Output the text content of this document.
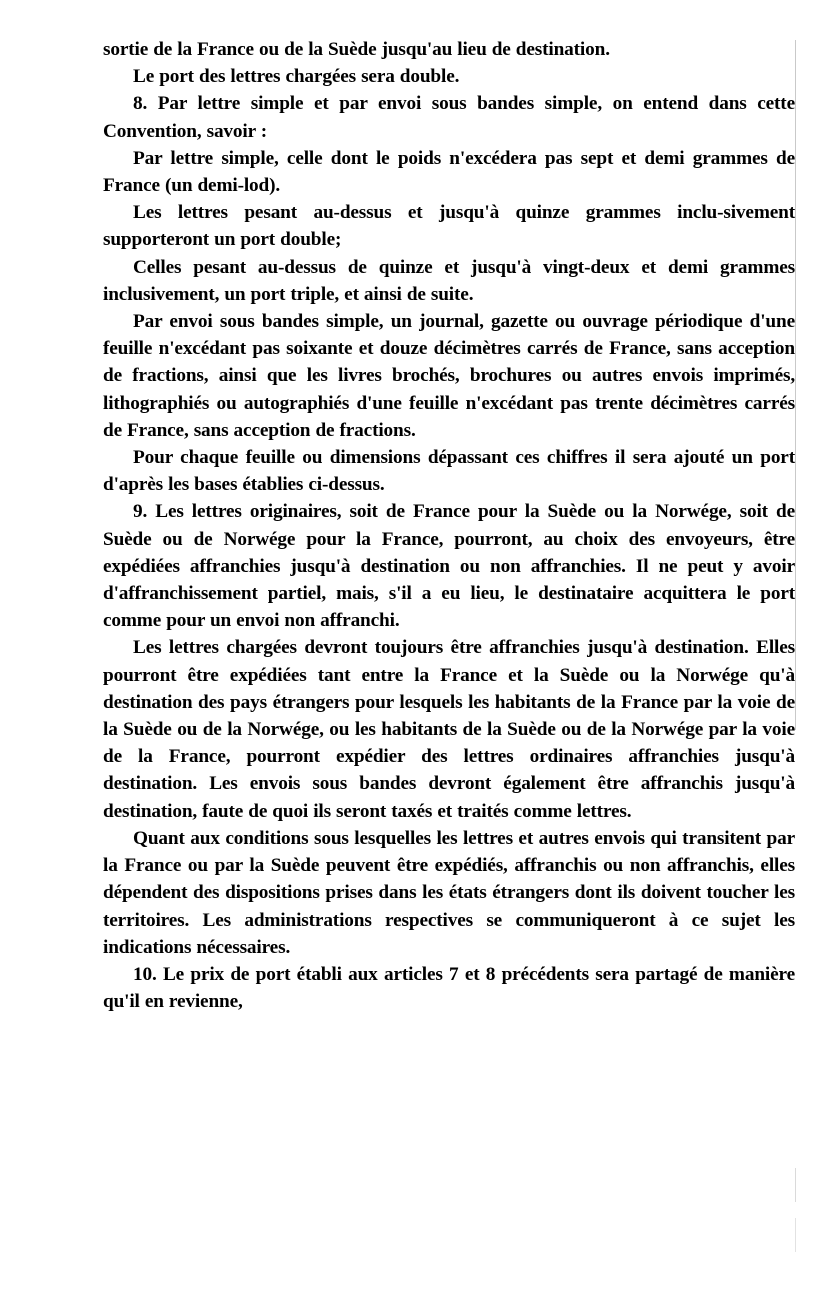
sortie de la France ou de la Suède jusqu'au lieu de destination.

Le port des lettres chargées sera double.

8. Par lettre simple et par envoi sous bandes simple, on entend dans cette Convention, savoir :

Par lettre simple, celle dont le poids n'excédera pas sept et demi grammes de France (un demi-lod).

Les lettres pesant au-dessus et jusqu'à quinze grammes inclu-sivement supporteront un port double;

Celles pesant au-dessus de quinze et jusqu'à vingt-deux et demi grammes inclusivement, un port triple, et ainsi de suite.

Par envoi sous bandes simple, un journal, gazette ou ouvrage périodique d'une feuille n'excédant pas soixante et douze décimètres carrés de France, sans acception de fractions, ainsi que les livres brochés, brochures ou autres envois imprimés, lithographiés ou autographiés d'une feuille n'excédant pas trente décimètres carrés de France, sans acception de fractions.

Pour chaque feuille ou dimensions dépassant ces chiffres il sera ajouté un port d'après les bases établies ci-dessus.

9. Les lettres originaires, soit de France pour la Suède ou la Norwége, soit de Suède ou de Norwége pour la France, pourront, au choix des envoyeurs, être expédiées affranchies jusqu'à destination ou non affranchies. Il ne peut y avoir d'affranchissement partiel, mais, s'il a eu lieu, le destinataire acquittera le port comme pour un envoi non affranchi.

Les lettres chargées devront toujours être affranchies jusqu'à destination. Elles pourront être expédiées tant entre la France et la Suède ou la Norwége qu'à destination des pays étrangers pour lesquels les habitants de la France par la voie de la Suède ou de la Norwége, ou les habitants de la Suède ou de la Norwége par la voie de la France, pourront expédier des lettres ordinaires affranchies jusqu'à destination. Les envois sous bandes devront également être affranchis jusqu'à destination, faute de quoi ils seront taxés et traités comme lettres.

Quant aux conditions sous lesquelles les lettres et autres envois qui transitent par la France ou par la Suède peuvent être expédiés, affranchis ou non affranchis, elles dépendent des dispositions prises dans les états étrangers dont ils doivent toucher les territoires. Les administrations respectives se communiqueront à ce sujet les indications nécessaires.

10. Le prix de port établi aux articles 7 et 8 précédents sera partagé de manière qu'il en revienne,
